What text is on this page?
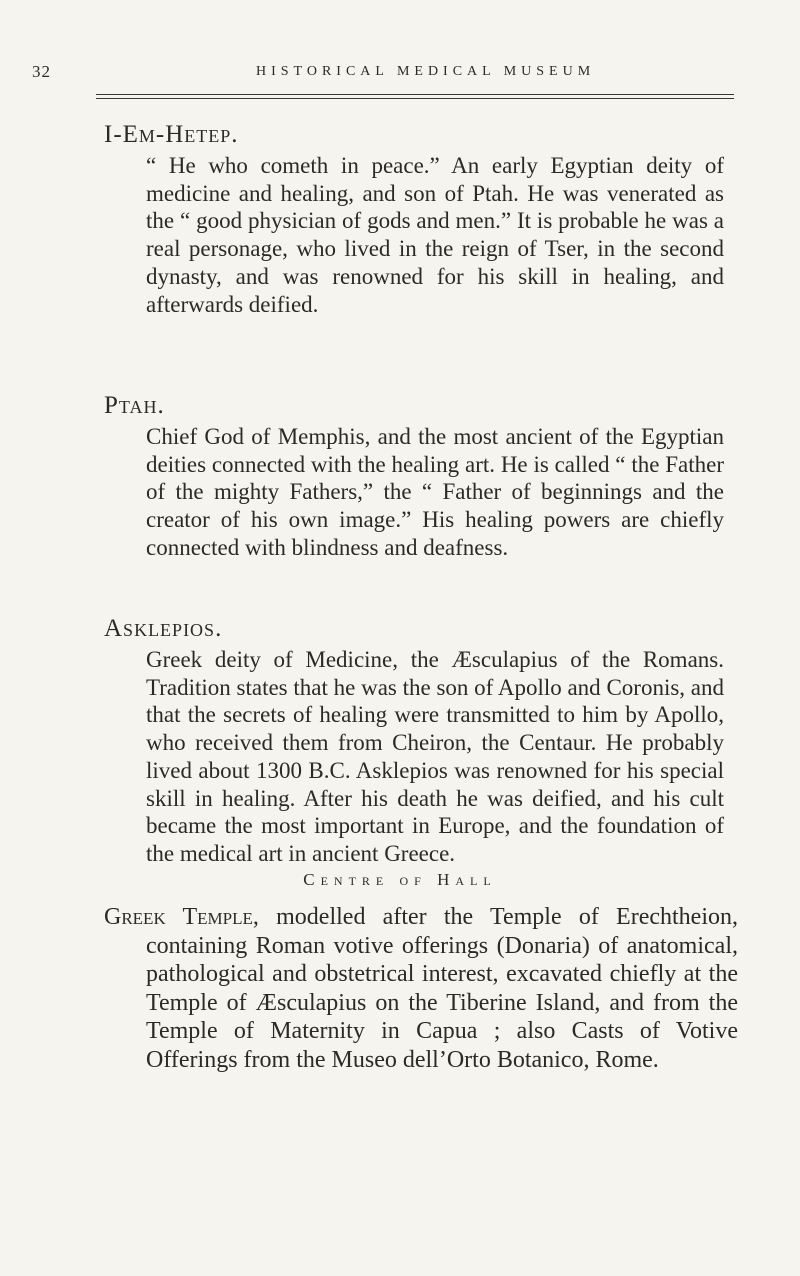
32	HISTORICAL MEDICAL MUSEUM
I-Em-Hetep.

“ He who cometh in peace.” An early Egyptian deity of medicine and healing, and son of Ptah. He was venerated as the “ good physician of gods and men.” It is probable he was a real personage, who lived in the reign of Tser, in the second dynasty, and was renowned for his skill in healing, and afterwards deified.

Ptah.

Chief God of Memphis, and the most ancient of the Egyptian deities connected with the healing art. He is called “ the Father of the mighty Fathers,” the “ Father of beginnings and the creator of his own image.” His healing powers are chiefly connected with blindness and deafness.

Asklepios.

Greek deity of Medicine, the Æsculapius of the Romans. Tradition states that he was the son of Apollo and Coronis, and that the secrets of healing were transmitted to him by Apollo, who received them from Cheiron, the Centaur. He probably lived about 1300 B.C. Asklepios was renowned for his special skill in healing. After his death he was deified, and his cult became the most important in Europe, and the foundation of the medical art in ancient Greece.

Centre of Hall

Greek Temple, modelled after the Temple of Erechtheion, containing Roman votive offerings (Donaria) of anatomical, pathological and obstetrical interest, excavated chiefly at the Temple of Æsculapius on the Tiberine Island, and from the Temple of Maternity in Capua ; also Casts of Votive Offerings from the Museo dell’Orto Botanico, Rome.
